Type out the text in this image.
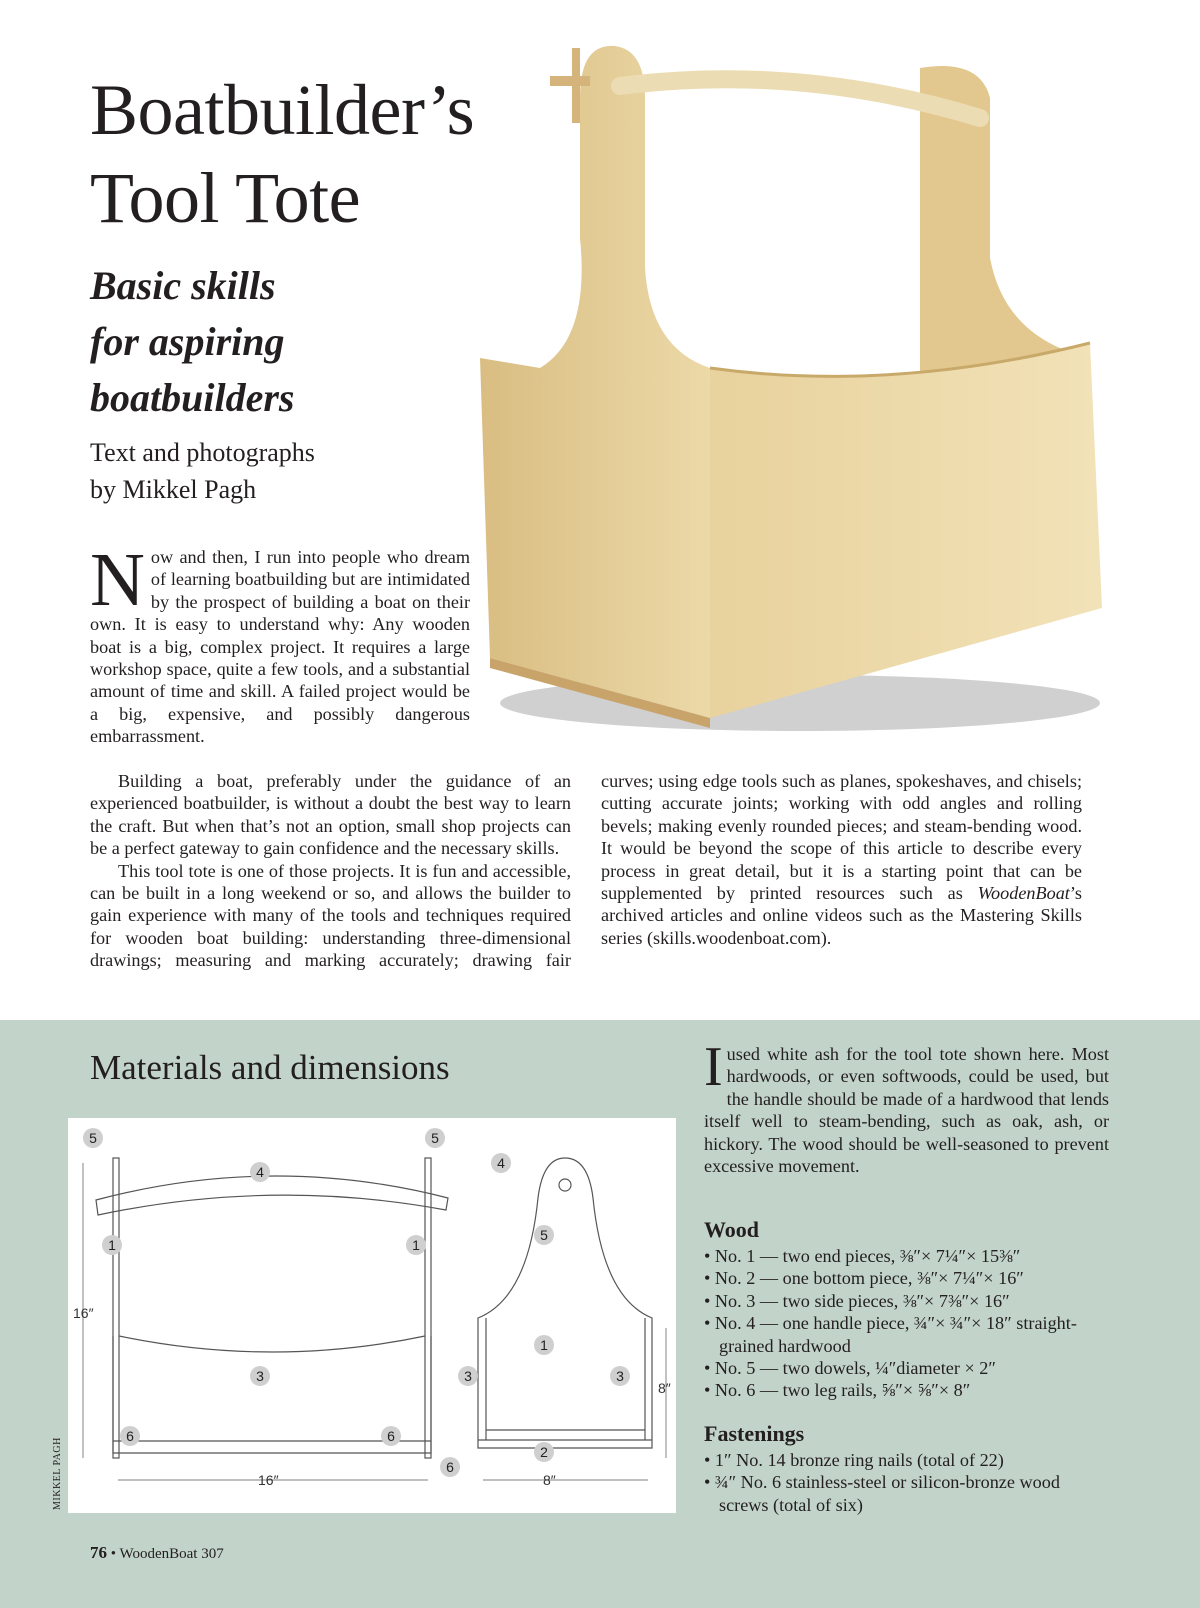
Boatbuilder’s
Tool Tote
Basic skills
for aspiring
boatbuilders
Text and photographs
by Mikkel Pagh
Now and then, I run into people who dream of learning boatbuilding but are intimidated by the prospect of building a boat on their own. It is easy to understand why: Any wooden boat is a big, complex project. It requires a large workshop space, quite a few tools, and a substantial amount of time and skill. A failed project would be a big, expensive, and possibly dangerous embarrassment.

Building a boat, preferably under the guidance of an experienced boatbuilder, is without a doubt the best way to learn the craft. But when that’s not an option, small shop projects can be a perfect gateway to gain confidence and the necessary skills.

This tool tote is one of those projects. It is fun and accessible, can be built in a long weekend or so, and allows the builder to gain experience with many of the tools and techniques required for wooden boat building: understanding three-dimensional drawings; measuring and marking accurately; drawing fair curves; using edge tools such as planes, spokeshaves, and chisels; cutting accurate joints; working with odd angles and rolling bevels; making evenly rounded pieces; and steam-bending wood. It would be beyond the scope of this article to describe every process in great detail, but it is a starting point that can be supplemented by printed resources such as WoodenBoat’s archived articles and online videos such as the Mastering Skills series (skills.woodenboat.com).

Materials and dimensions
16″
16″	8″
8″
5	5
4
1	1
3
6	6
4
5
1
3	3
2
6
MIKKEL PAGH
Iused white ash for the tool tote shown here. Most hardwoods, or even softwoods, could be used, but the handle should be made of a hardwood that lends itself well to steam-bending, such as oak, ash, or hickory. The wood should be well-seasoned to prevent excessive movement.
Wood
• No. 1 — two end pieces, ⅜″× 7¼″× 15⅜″
• No. 2 — one bottom piece, ⅜″× 7¼″× 16″
• No. 3 — two side pieces, ⅜″× 7⅜″× 16″
• No. 4 — one handle piece, ¾″× ¾″× 18″ straight-grained hardwood
• No. 5 — two dowels, ¼″diameter × 2″
• No. 6 — two leg rails, ⅝″× ⅝″× 8″
Fastenings
• 1″ No. 14 bronze ring nails (total of 22)
• ¾″ No. 6 stainless-steel or silicon-bronze wood screws (total of six)
76 • WoodenBoat 307
